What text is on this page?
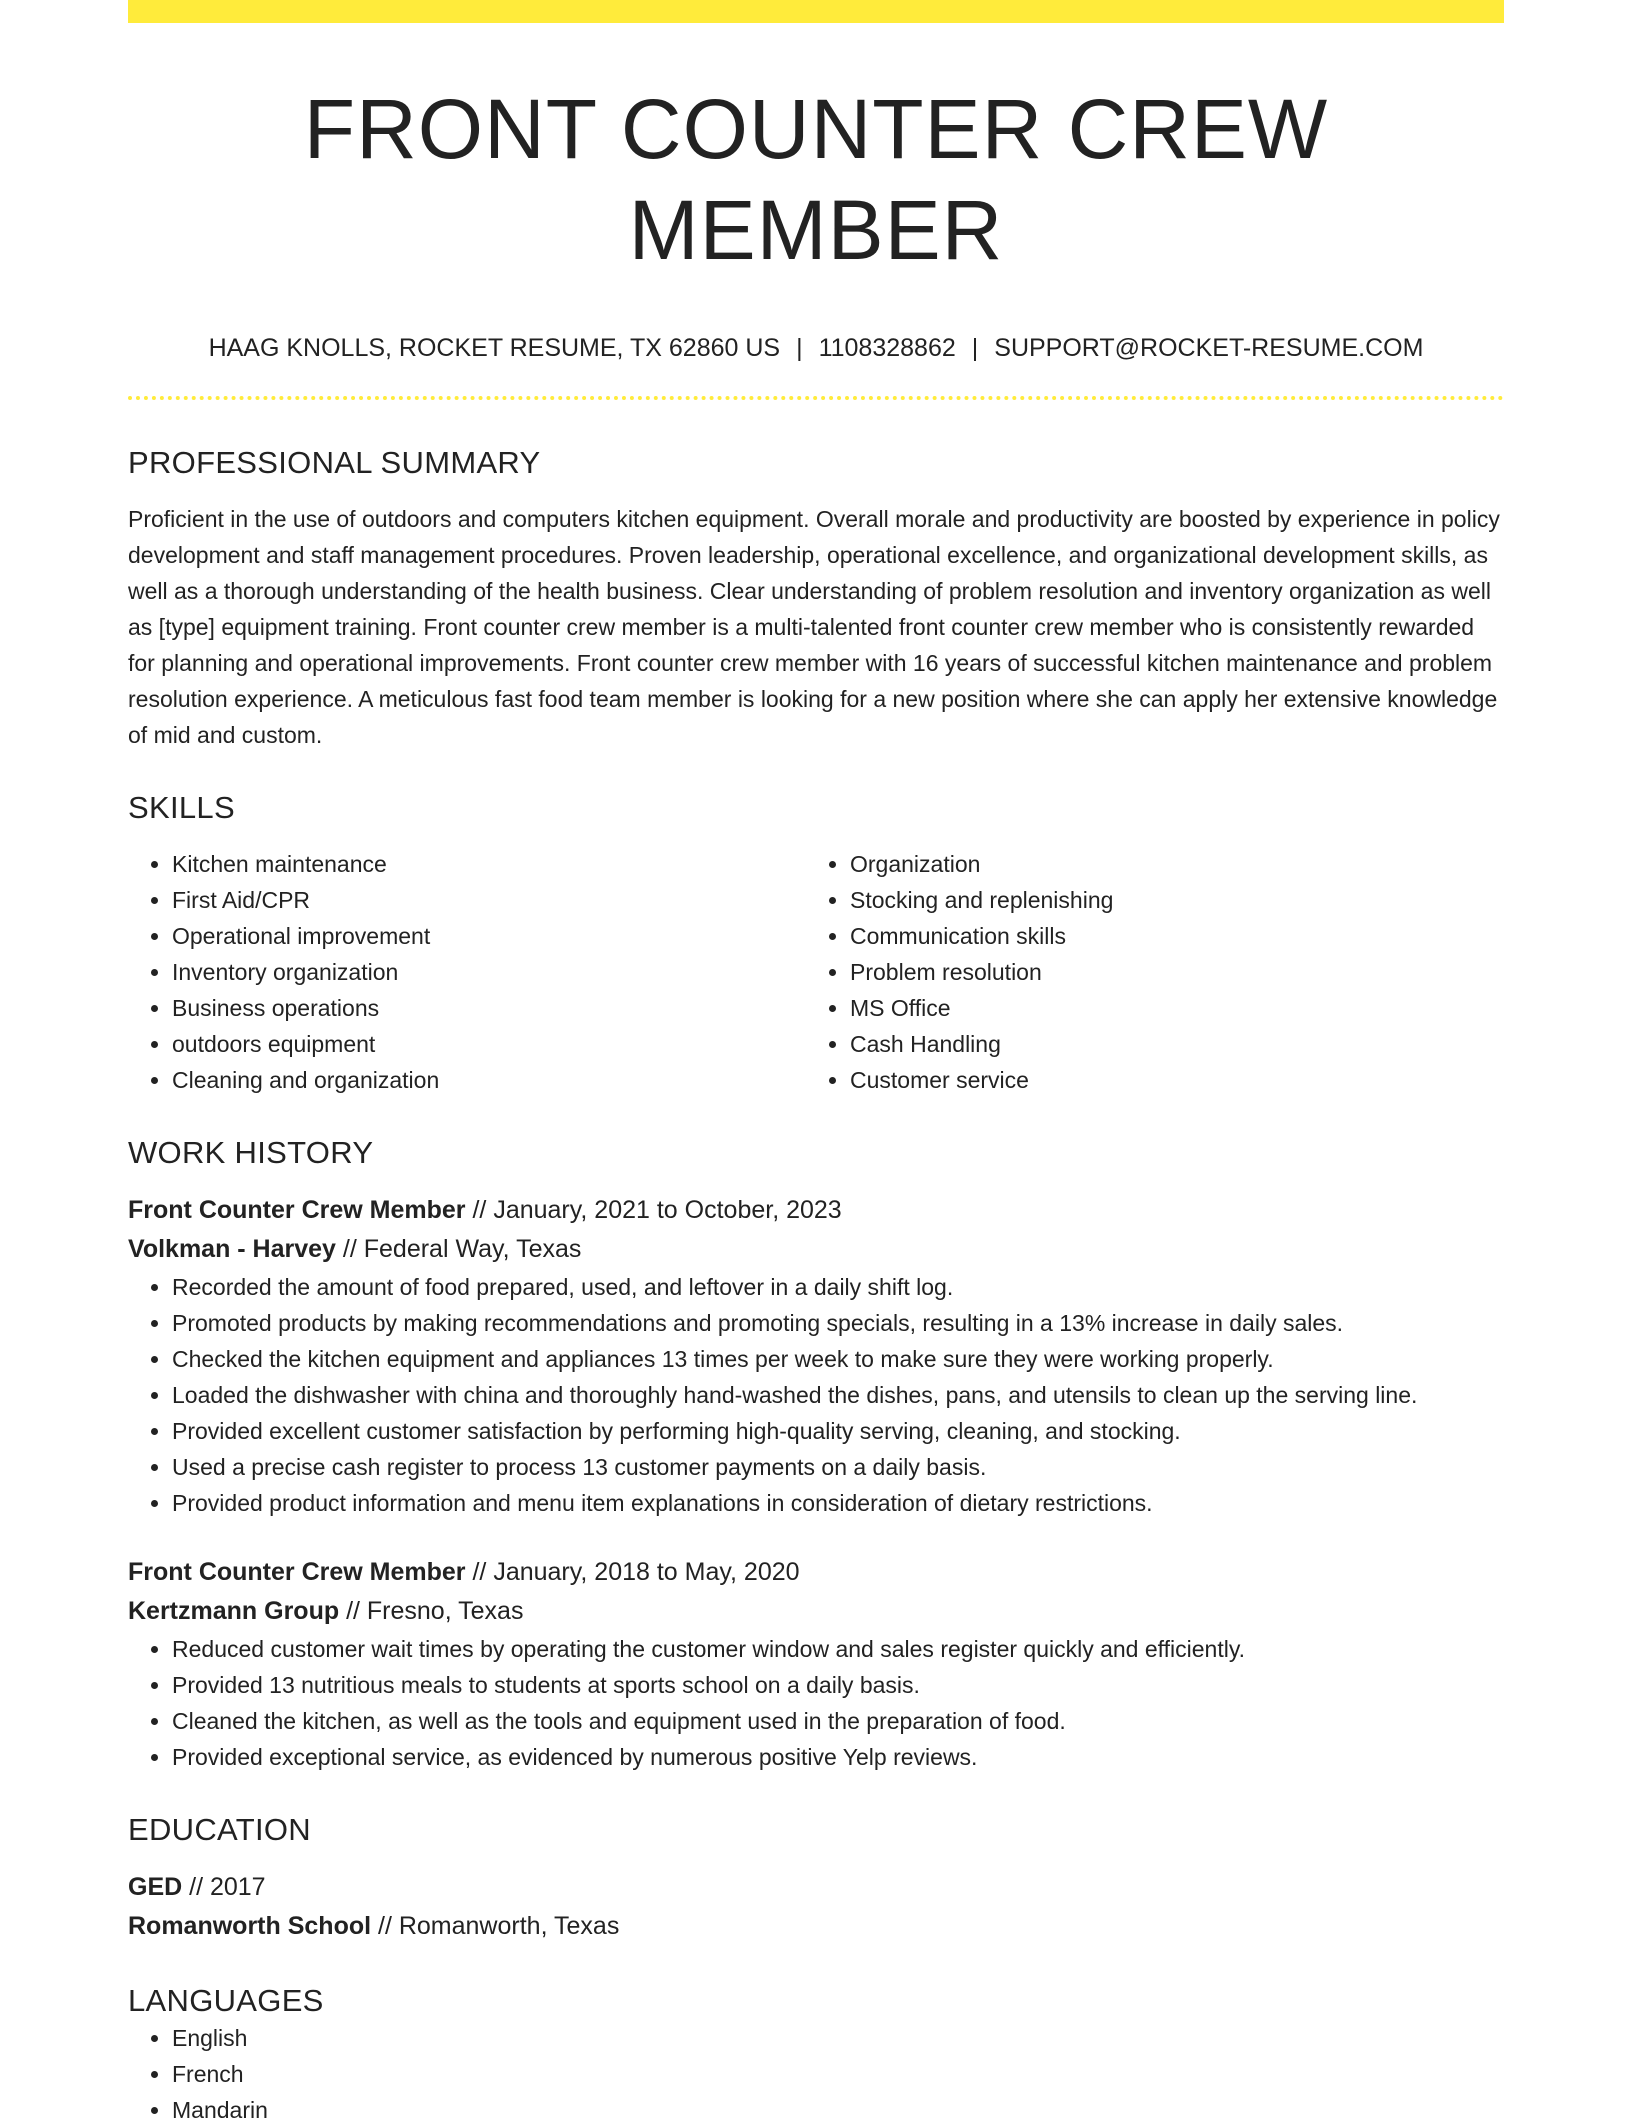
FRONT COUNTER CREW MEMBER
HAAG KNOLLS, ROCKET RESUME, TX 62860 US | 1108328862 | SUPPORT@ROCKET-RESUME.COM
PROFESSIONAL SUMMARY

Proficient in the use of outdoors and computers kitchen equipment. Overall morale and productivity are boosted by experience in policy development and staff management procedures. Proven leadership, operational excellence, and organizational development skills, as well as a thorough understanding of the health business. Clear understanding of problem resolution and inventory organization as well as [type] equipment training. Front counter crew member is a multi-talented front counter crew member who is consistently rewarded for planning and operational improvements. Front counter crew member with 16 years of successful kitchen maintenance and problem resolution experience. A meticulous fast food team member is looking for a new position where she can apply her extensive knowledge of mid and custom.

SKILLS
• Kitchen maintenance
• First Aid/CPR
• Operational improvement
• Inventory organization
• Business operations
• outdoors equipment
• Cleaning and organization
• Organization
• Stocking and replenishing
• Communication skills
• Problem resolution
• MS Office
• Cash Handling
• Customer service
WORK HISTORY
Front Counter Crew Member // January, 2021 to October, 2023
Volkman - Harvey // Federal Way, Texas
• Recorded the amount of food prepared, used, and leftover in a daily shift log.
• Promoted products by making recommendations and promoting specials, resulting in a 13% increase in daily sales.
• Checked the kitchen equipment and appliances 13 times per week to make sure they were working properly.
• Loaded the dishwasher with china and thoroughly hand-washed the dishes, pans, and utensils to clean up the serving line.
• Provided excellent customer satisfaction by performing high-quality serving, cleaning, and stocking.
• Used a precise cash register to process 13 customer payments on a daily basis.
• Provided product information and menu item explanations in consideration of dietary restrictions.
Front Counter Crew Member // January, 2018 to May, 2020
Kertzmann Group // Fresno, Texas
• Reduced customer wait times by operating the customer window and sales register quickly and efficiently.
• Provided 13 nutritious meals to students at sports school on a daily basis.
• Cleaned the kitchen, as well as the tools and equipment used in the preparation of food.
• Provided exceptional service, as evidenced by numerous positive Yelp reviews.
EDUCATION
GED // 2017
Romanworth School // Romanworth, Texas
LANGUAGES
• English
• French
• Mandarin
